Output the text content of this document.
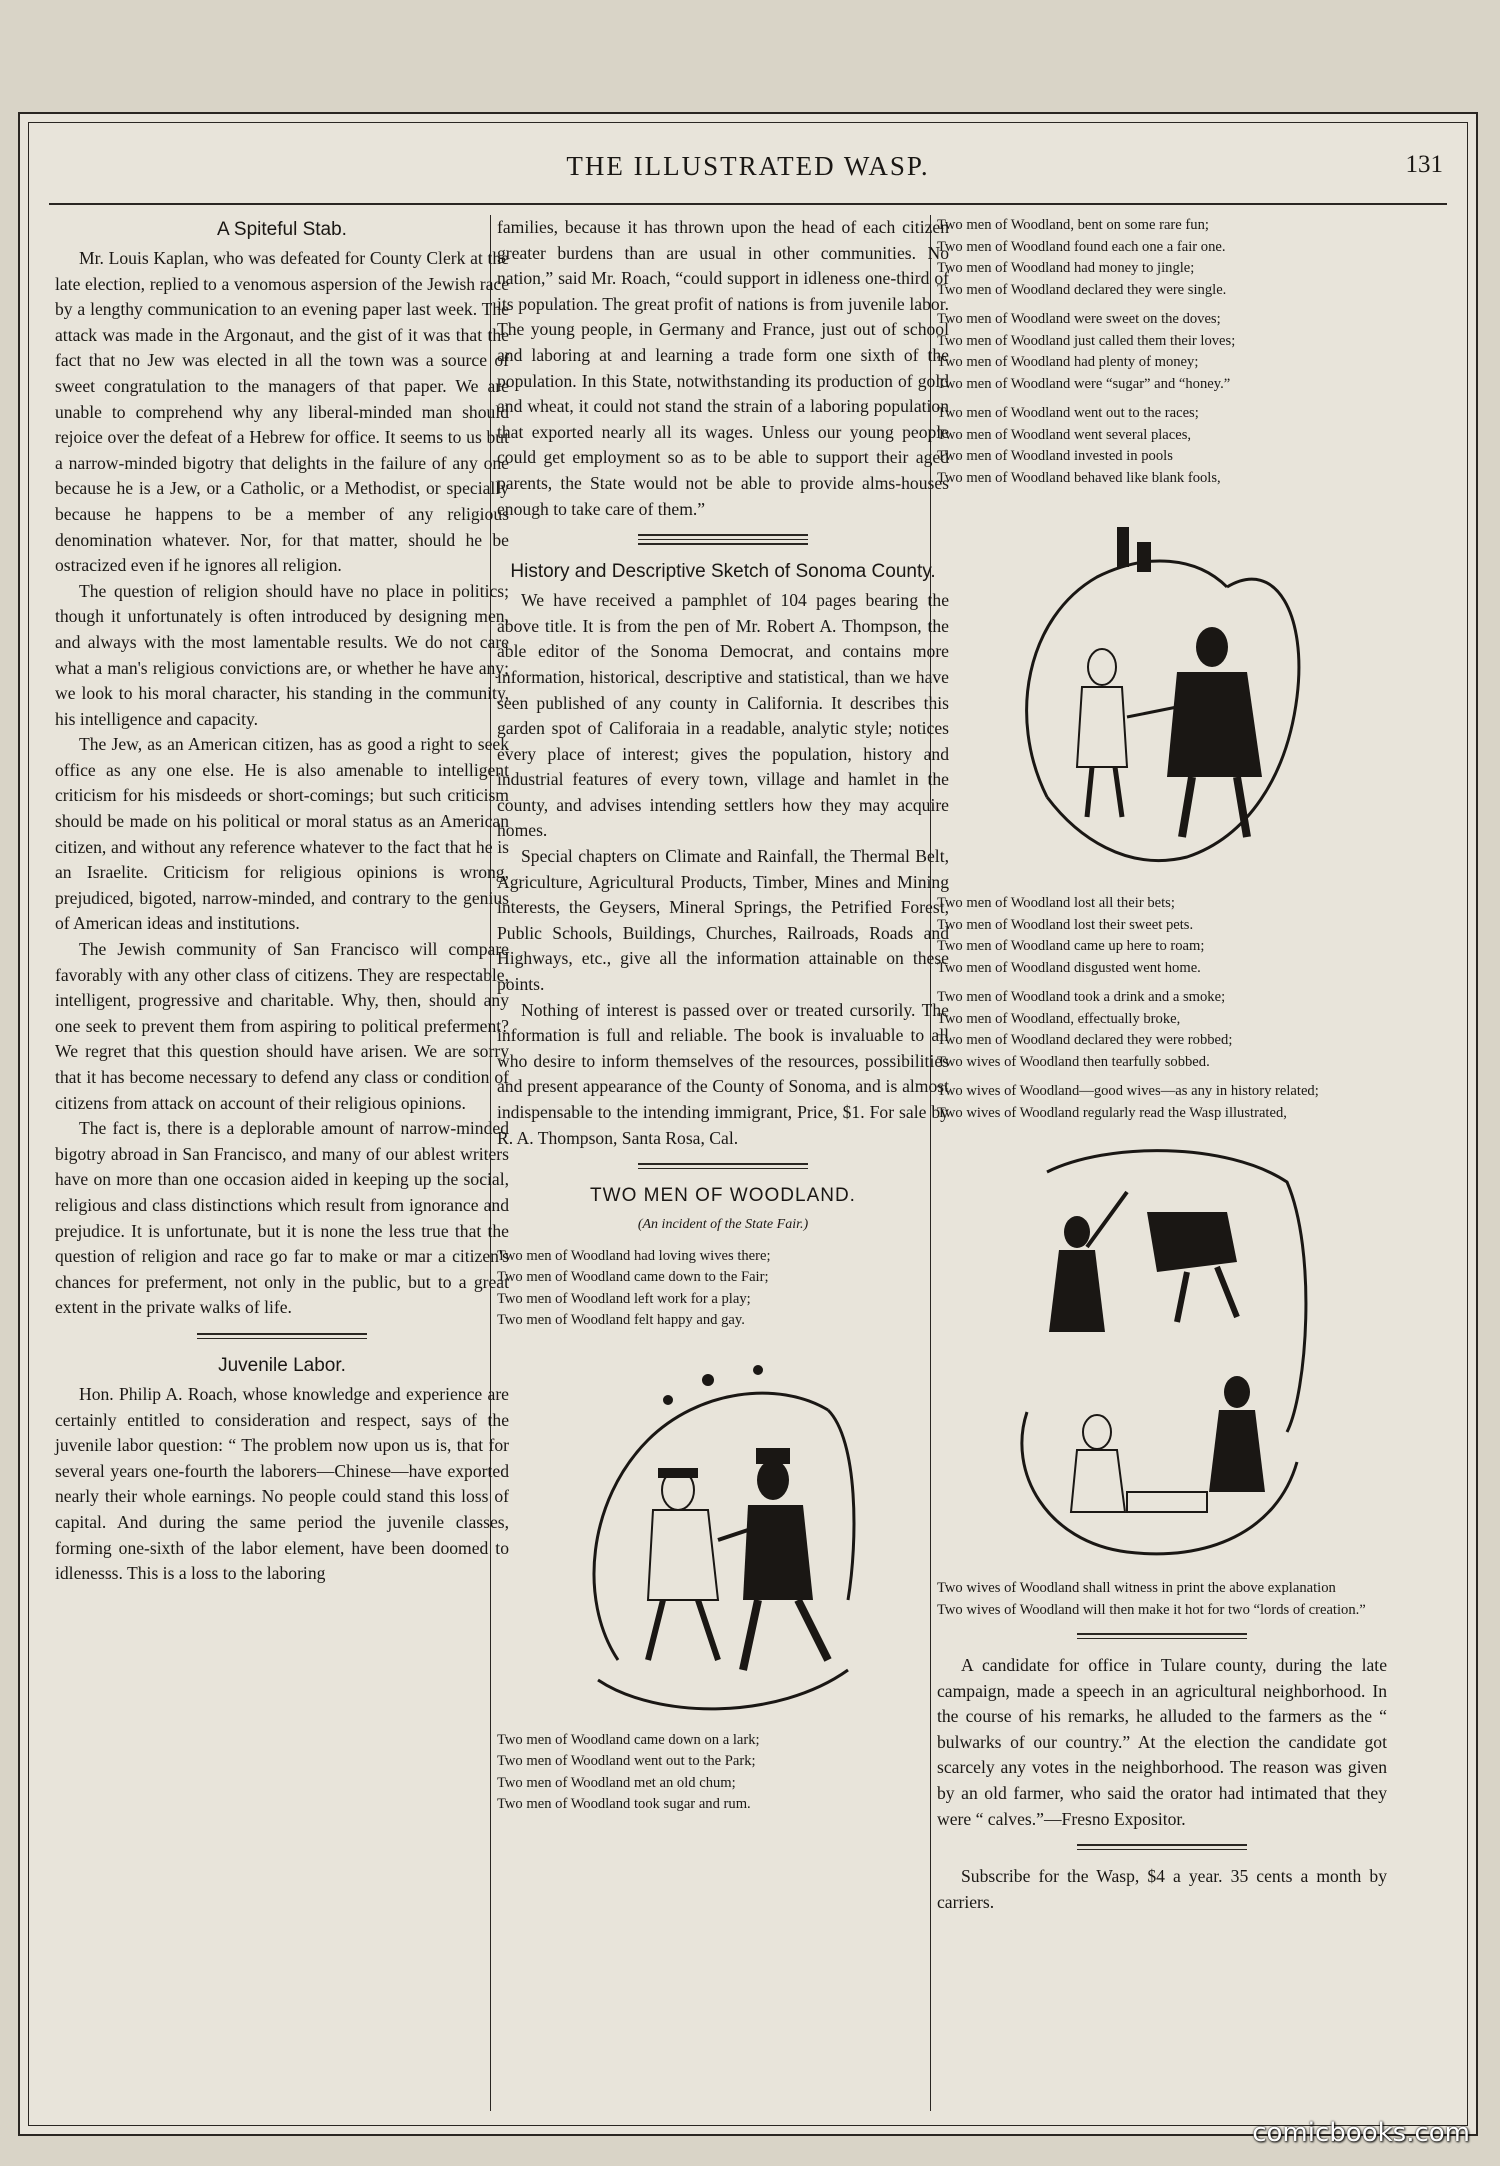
THE ILLUSTRATED WASP.	131
A Spiteful Stab.

Mr. Louis Kaplan, who was defeated for County Clerk at the late election, replied to a venomous aspersion of the Jewish race by a lengthy communication to an evening paper last week. The attack was made in the Argonaut, and the gist of it was that the fact that no Jew was elected in all the town was a source of sweet congratulation to the managers of that paper. We are unable to comprehend why any liberal-minded man should rejoice over the defeat of a Hebrew for office. It seems to us but a narrow-minded bigotry that delights in the failure of any one because he is a Jew, or a Catholic, or a Methodist, or specially because he happens to be a member of any religious denomination whatever. Nor, for that matter, should he be ostracized even if he ignores all religion.

The question of religion should have no place in politics; though it unfortunately is often introduced by designing men, and always with the most lamentable results. We do not care what a man's religious convictions are, or whether he have any; we look to his moral character, his standing in the community, his intelligence and capacity.

The Jew, as an American citizen, has as good a right to seek office as any one else. He is also amenable to intelligent criticism for his misdeeds or short-comings; but such criticism should be made on his political or moral status as an American citizen, and without any reference whatever to the fact that he is an Israelite. Criticism for religious opinions is wrong, prejudiced, bigoted, narrow-minded, and contrary to the genius of American ideas and institutions.

The Jewish community of San Francisco will compare favorably with any other class of citizens. They are respectable, intelligent, progressive and charitable. Why, then, should any one seek to prevent them from aspiring to political preferment? We regret that this question should have arisen. We are sorry that it has become necessary to defend any class or condition of citizens from attack on account of their religious opinions.

The fact is, there is a deplorable amount of narrow-minded bigotry abroad in San Francisco, and many of our ablest writers have on more than one occasion aided in keeping up the social, religious and class distinctions which result from ignorance and prejudice. It is unfortunate, but it is none the less true that the question of religion and race go far to make or mar a citizen's chances for preferment, not only in the public, but to a great extent in the private walks of life.

Juvenile Labor.

Hon. Philip A. Roach, whose knowledge and experience are certainly entitled to consideration and respect, says of the juvenile labor question: “ The problem now upon us is, that for several years one-fourth the laborers—Chinese—have exported nearly their whole earnings. No people could stand this loss of capital. And during the same period the juvenile classes, forming one-sixth of the labor element, have been doomed to idlenesss. This is a loss to the laboring

families, because it has thrown upon the head of each citizen greater burdens than are usual in other communities. No nation,” said Mr. Roach, “could support in idleness one-third of its population. The great profit of nations is from juvenile labor. The young people, in Germany and France, just out of school and laboring at and learning a trade form one sixth of the population. In this State, notwithstanding its production of gold and wheat, it could not stand the strain of a laboring population that exported nearly all its wages. Unless our young people could get employment so as to be able to support their aged parents, the State would not be able to provide alms-houses enough to take care of them.”

History and Descriptive Sketch of Sonoma County.

We have received a pamphlet of 104 pages bearing the above title. It is from the pen of Mr. Robert A. Thompson, the able editor of the Sonoma Democrat, and contains more information, historical, descriptive and statistical, than we have seen published of any county in California. It describes this garden spot of Califoraia in a readable, analytic style; notices every place of interest; gives the population, history and industrial features of every town, village and hamlet in the county, and advises intending settlers how they may acquire homes.

Special chapters on Climate and Rainfall, the Thermal Belt, Agriculture, Agricultural Products, Timber, Mines and Mining interests, the Geysers, Mineral Springs, the Petrified Forest, Public Schools, Buildings, Churches, Railroads, Roads and Highways, etc., give all the information attainable on these points.

Nothing of interest is passed over or treated cursorily. The information is full and reliable. The book is invaluable to all who desire to inform themselves of the resources, possibilities and present appearance of the County of Sonoma, and is almost indispensable to the intending immigrant, Price, $1. For sale by R. A. Thompson, Santa Rosa, Cal.

TWO MEN OF WOODLAND.
(An incident of the State Fair.)
Two men of Woodland had loving wives there;
Two men of Woodland came down to the Fair;
Two men of Woodland left work for a play;
Two men of Woodland felt happy and gay.
Two men of Woodland came down on a lark;
Two men of Woodland went out to the Park;
Two men of Woodland met an old chum;
Two men of Woodland took sugar and rum.
Two men of Woodland, bent on some rare fun;
Two men of Woodland found each one a fair one.
Two men of Woodland had money to jingle;
Two men of Woodland declared they were single.
Two men of Woodland were sweet on the doves;
Two men of Woodland just called them their loves;
Two men of Woodland had plenty of money;
Two men of Woodland were “sugar” and “honey.”
Two men of Woodland went out to the races;
Two men of Woodland went several places,
Two men of Woodland invested in pools
Two men of Woodland behaved like blank fools,
Two men of Woodland lost all their bets;
Two men of Woodland lost their sweet pets.
Two men of Woodland came up here to roam;
Two men of Woodland disgusted went home.
Two men of Woodland took a drink and a smoke;
Two men of Woodland, effectually broke,
Two men of Woodland declared they were robbed;
Two wives of Woodland then tearfully sobbed.
Two wives of Woodland—good wives—as any in history related;
Two wives of Woodland regularly read the Wasp illustrated,
Two wives of Woodland shall witness in print the above explanation
Two wives of Woodland will then make it hot for two “lords of creation.”

A candidate for office in Tulare county, during the late campaign, made a speech in an agricultural neighborhood. In the course of his remarks, he alluded to the farmers as the “ bulwarks of our country.” At the election the candidate got scarcely any votes in the neighborhood. The reason was given by an old farmer, who said the orator had intimated that they were “ calves.”—Fresno Expositor.

Subscribe for the Wasp, $4 a year. 35 cents a month by carriers.

comicbooks.com
